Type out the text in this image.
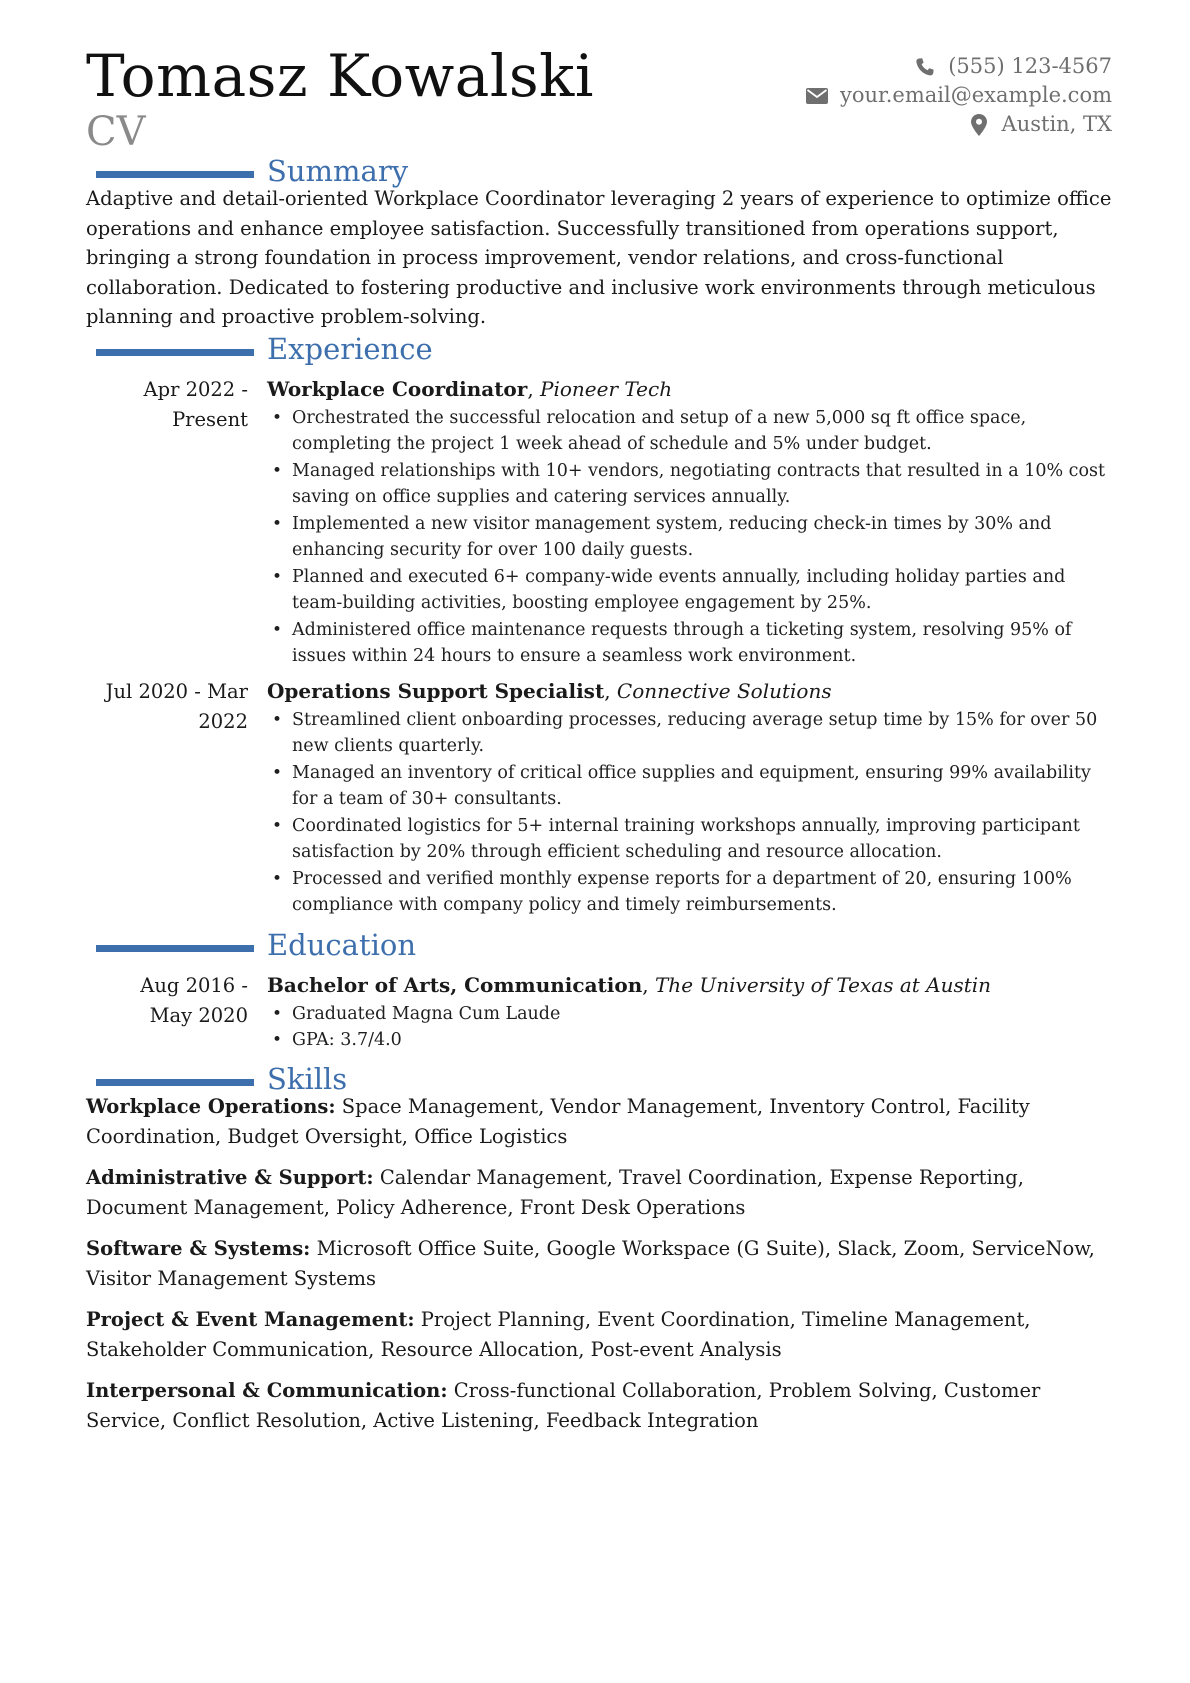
Tomasz Kowalski
CV
(555) 123-4567
your.email@example.com
Austin, TX
Summary

Adaptive and detail-oriented Workplace Coordinator leveraging 2 years of experience to optimize office operations and enhance employee satisfaction. Successfully transitioned from operations support, bringing a strong foundation in process improvement, vendor relations, and cross-functional collaboration. Dedicated to fostering productive and inclusive work environments through meticulous planning and proactive problem-solving.

Experience
Apr 2022 -
Present
Workplace Coordinator, Pioneer Tech
• Orchestrated the successful relocation and setup of a new 5,000 sq ft office space, completing the project 1 week ahead of schedule and 5% under budget.
• Managed relationships with 10+ vendors, negotiating contracts that resulted in a 10% cost saving on office supplies and catering services annually.
• Implemented a new visitor management system, reducing check-in times by 30% and enhancing security for over 100 daily guests.
• Planned and executed 6+ company-wide events annually, including holiday parties and team-building activities, boosting employee engagement by 25%.
• Administered office maintenance requests through a ticketing system, resolving 95% of issues within 24 hours to ensure a seamless work environment.
Jul 2020 - Mar
2022
Operations Support Specialist, Connective Solutions
• Streamlined client onboarding processes, reducing average setup time by 15% for over 50 new clients quarterly.
• Managed an inventory of critical office supplies and equipment, ensuring 99% availability for a team of 30+ consultants.
• Coordinated logistics for 5+ internal training workshops annually, improving participant satisfaction by 20% through efficient scheduling and resource allocation.
• Processed and verified monthly expense reports for a department of 20, ensuring 100% compliance with company policy and timely reimbursements.
Education
Aug 2016 -
May 2020
Bachelor of Arts, Communication, The University of Texas at Austin
• Graduated Magna Cum Laude
• GPA: 3.7/4.0
Skills
Workplace Operations: Space Management, Vendor Management, Inventory Control, Facility Coordination, Budget Oversight, Office Logistics
Administrative & Support: Calendar Management, Travel Coordination, Expense Reporting, Document Management, Policy Adherence, Front Desk Operations
Software & Systems: Microsoft Office Suite, Google Workspace (G Suite), Slack, Zoom, ServiceNow, Visitor Management Systems
Project & Event Management: Project Planning, Event Coordination, Timeline Management, Stakeholder Communication, Resource Allocation, Post-event Analysis
Interpersonal & Communication: Cross-functional Collaboration, Problem Solving, Customer Service, Conflict Resolution, Active Listening, Feedback Integration
